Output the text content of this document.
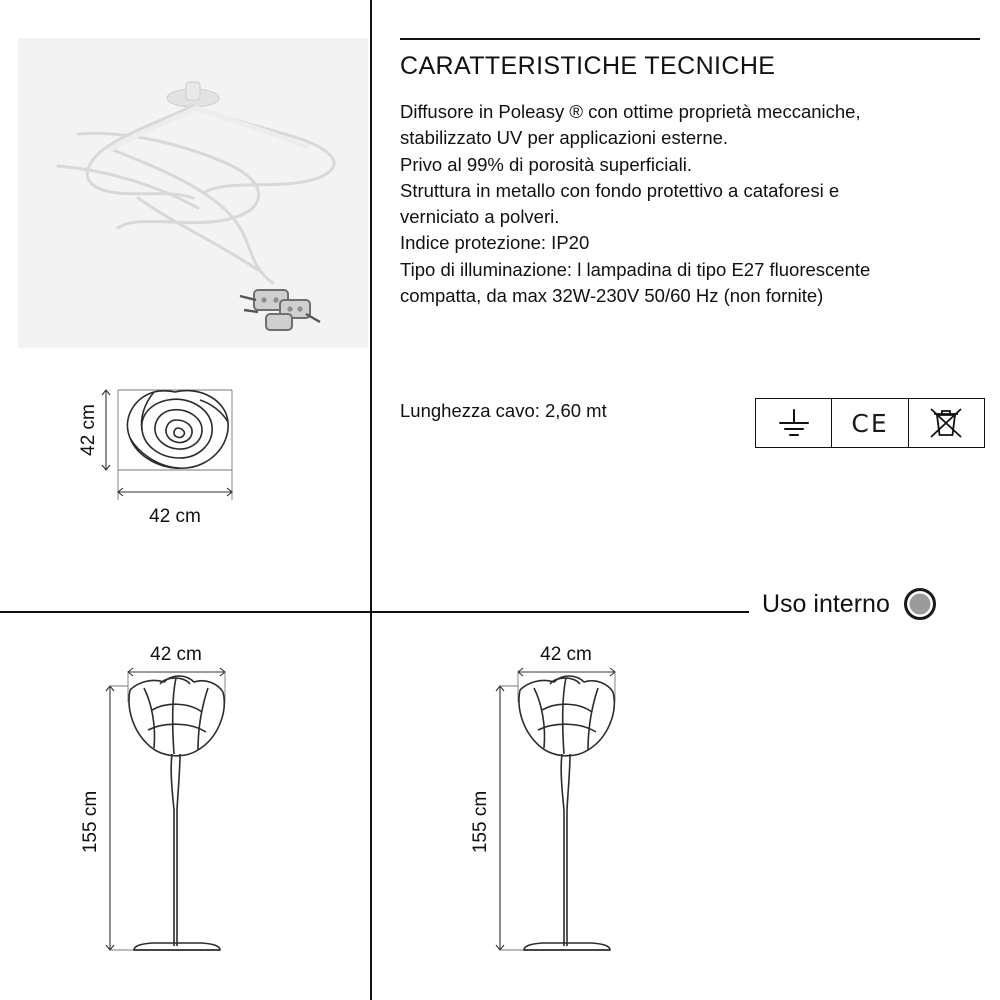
CARATTERISTICHE TECNICHE

Diffusore in Poleasy ® con ottime proprietà meccaniche,

stabilizzato UV per applicazioni esterne.

Privo al 99% di porosità superficiali.

Struttura in metallo con fondo protettivo a cataforesi e

verniciato a polveri.

Indice protezione: IP20

Tipo di illuminazione: l lampadina di tipo E27 fluorescente

compatta, da max 32W-230V 50/60 Hz (non fornite)

Lunghezza cavo: 2,60 mt	CE
Uso interno
42 cm
42 cm
42 cm
155 cm
42 cm
155 cm
